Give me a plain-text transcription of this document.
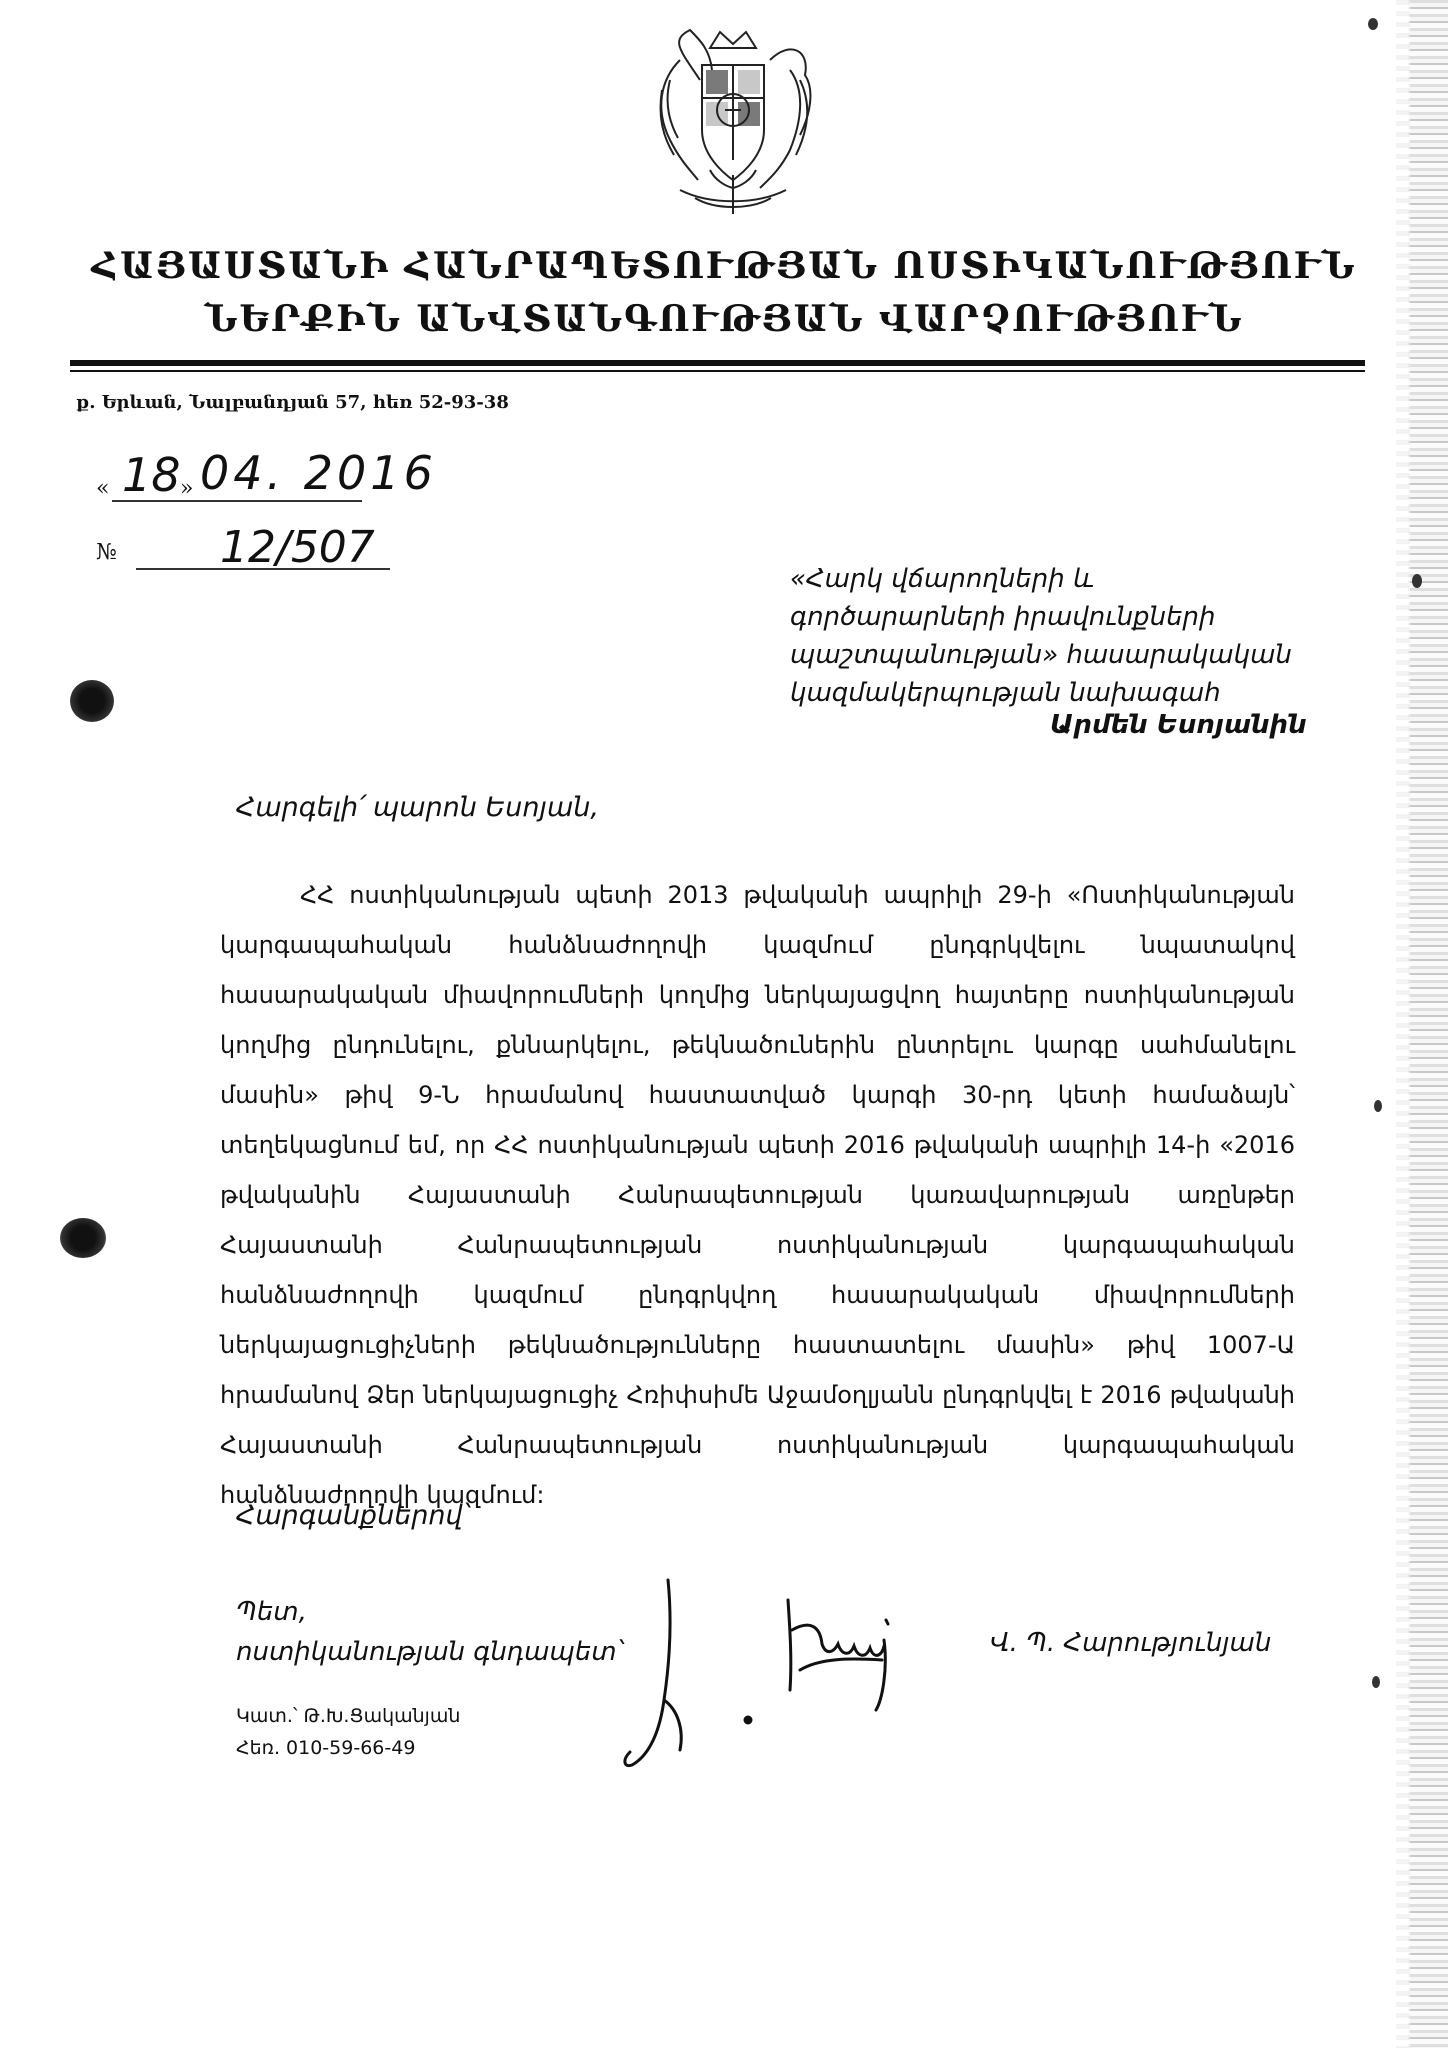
ՀԱՅԱՍՏԱՆԻ ՀԱՆՐԱՊԵՏՈՒԹՅԱՆ ՈՍՏԻԿԱՆՈՒԹՅՈՒՆ
ՆԵՐՔԻՆ ԱՆՎՏԱՆԳՈՒԹՅԱՆ ՎԱՐՉՈՒԹՅՈՒՆ
ք. Երևան, Նալբանդյան 57, հեռ 52-93-38
« 18 » 04. 2016
№ 12/507
«Հարկ վճարողների և գործարարների իրավունքների պաշտպանության» հասարակական կազմակերպության նախագահ
Արմեն Եսոյանին
Հարգելի՛ պարոն Եսոյան,
ՀՀ ոստիկանության պետի 2013 թվականի ապրիլի 29-ի «Ոստիկանության կարգապահական հանձնաժողովի կազմում ընդգրկվելու նպատակով հասարակական միավորումների կողմից ներկայացվող հայտերը ոստիկանության կողմից ընդունելու, քննարկելու, թեկնածուներին ընտրելու կարգը սահմանելու մասին» թիվ 9-Ն հրամանով հաստատված կարգի 30-րդ կետի համաձայն՝ տեղեկացնում եմ, որ ՀՀ ոստիկանության պետի 2016 թվականի ապրիլի 14-ի «2016 թվականին Հայաստանի Հանրապետության կառավարության առընթեր Հայաստանի Հանրապետության ոստիկանության կարգապահական հանձնաժողովի կազմում ընդգրկվող հասարակական միավորումների ներկայացուցիչների թեկնածությունները հաստատելու մասին» թիվ 1007-Ա հրամանով Ձեր ներկայացուցիչ Հռիփսիմե Աջամօղլյանն ընդգրկվել է 2016 թվականի Հայաստանի Հանրապետության ոստիկանության կարգապահական հանձնաժողովի կազմում:
Հարգանքներով՝
Պետ,
ոստիկանության գնդապետ՝	Վ. Պ. Հարությունյան
Կատ.՝ Թ.Խ.Ցականյան
Հեռ. 010-59-66-49
